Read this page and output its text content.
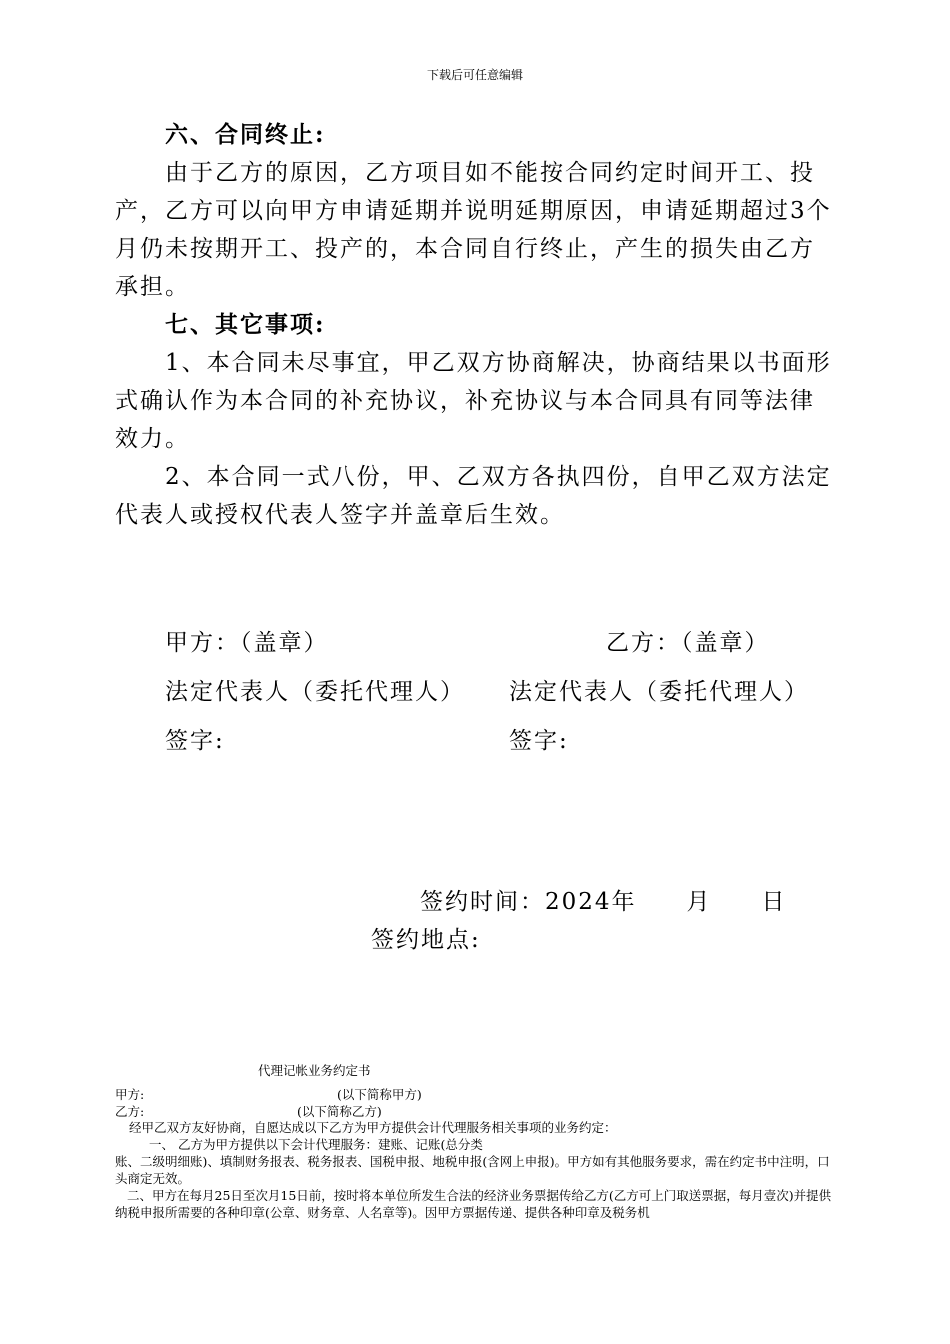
下载后可任意编辑

六、合同终止:

由于乙方的原因，乙方项目如不能按合同约定时间开工、投产，乙方可以向甲方申请延期并说明延期原因，申请延期超过3个月仍未按期开工、投产的，本合同自行终止，产生的损失由乙方承担。

七、其它事项:

1、本合同未尽事宜，甲乙双方协商解决，协商结果以书面形式确认作为本合同的补充协议，补充协议与本合同具有同等法律效力。

2、本合同一式八份，甲、乙双方各执四份，自甲乙双方法定代表人或授权代表人签字并盖章后生效。

甲方：（盖章）	乙方：（盖章）
法定代表人（委托代理人） 法定代表人（委托代理人）
签字:	签字:
签约时间：2024年　　月　　日
签约地点:
代理记帐业务约定书
甲方:	(以下简称甲方)
乙方:	(以下简称乙方)

经甲乙双方友好协商，自愿达成以下乙方为甲方提供会计代理服务相关事项的业务约定：

一、 乙方为甲方提供以下会计代理服务：建账、记账(总分类

账、二级明细账)、填制财务报表、税务报表、国税申报、地税申报(含网上申报)。甲方如有其他服务要求，需在约定书中注明，口头商定无效。

二、甲方在每月25日至次月15日前，按时将本单位所发生合法的经济业务票据传给乙方(乙方可上门取送票据，每月壹次)并提供纳税申报所需要的各种印章(公章、财务章、人名章等)。因甲方票据传递、提供各种印章及税务机
